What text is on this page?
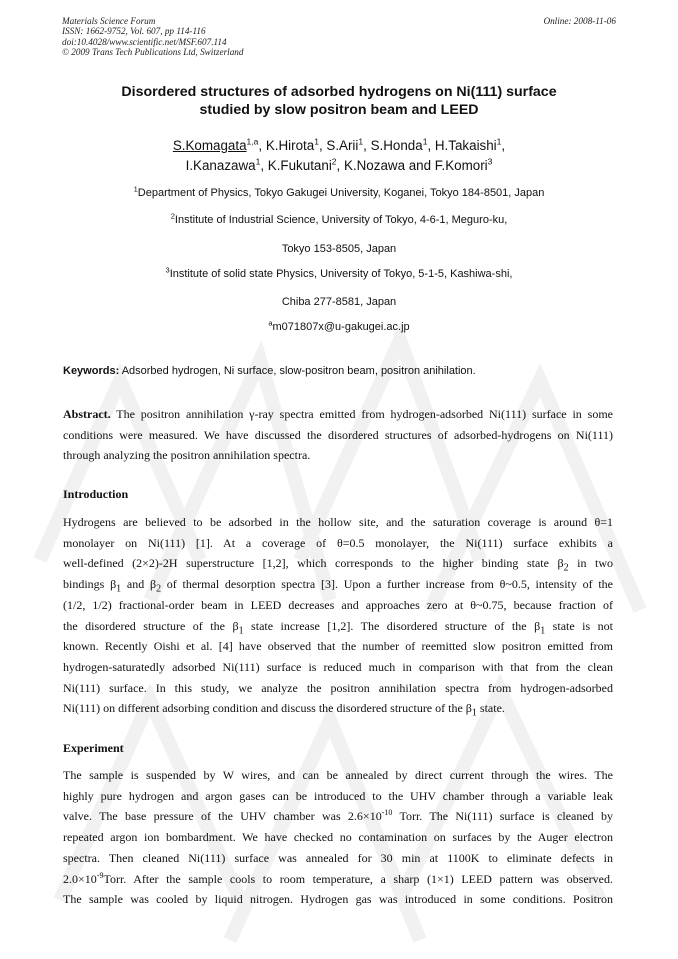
Materials Science Forum
ISSN: 1662-9752, Vol. 607, pp 114-116
doi:10.4028/www.scientific.net/MSF.607.114
© 2009 Trans Tech Publications Ltd, Switzerland
Online: 2008-11-06
Disordered structures of adsorbed hydrogens on Ni(111) surface
studied by slow positron beam and LEED
S.Komagata$^{1,a}$, K.Hirota$^1$, S.Arii$^1$, S.Honda$^1$, H.Takaishi$^1$,
I.Kanazawa$^1$, K.Fukutani$^2$, K.Nozawa and F.Komori$^3$
$^1$Department of Physics, Tokyo Gakugei University, Koganei, Tokyo 184-8501, Japan
$^2$Institute of Industrial Science, University of Tokyo, 4-6-1, Meguro-ku,
Tokyo 153-8505, Japan
$^3$Institute of solid state Physics, University of Tokyo, 5-1-5, Kashiwa-shi,
Chiba 277-8581, Japan
$^a$m071807x@u-gakugei.ac.jp
Keywords: Adsorbed hydrogen, Ni surface, slow-positron beam, positron anihilation.
Abstract. The positron annihilation γ-ray spectra emitted from hydrogen-adsorbed Ni(111) surface in some conditions were measured. We have discussed the disordered structures of adsorbed-hydrogens on Ni(111) through analyzing the positron annihilation spectra.
Introduction
Hydrogens are believed to be adsorbed in the hollow site, and the saturation coverage is around θ=1
monolayer on Ni(111) [1]. At a coverage of θ=0.5 monolayer, the Ni(111) surface exhibits a
well-defined (2×2)-2H superstructure [1,2], which corresponds to the higher binding state $\beta_2$ in two
bindings $\beta_1$ and $\beta_2$ of thermal desorption spectra [3]. Upon a further increase from θ~0.5, intensity of the
(1/2, 1/2) fractional-order beam in LEED decreases and approaches zero at θ~0.75, because fraction of
the disordered structure of the $\beta_1$ state increase [1,2]. The disordered structure of the $\beta_1$ state is not
known. Recently Oishi et al. [4] have observed that the number of reemitted slow positron emitted from
hydrogen-saturatedly adsorbed Ni(111) surface is reduced much in comparison with that from the clean
Ni(111) surface. In this study, we analyze the positron annihilation spectra from hydrogen-adsorbed
Ni(111) on different adsorbing condition and discuss the disordered structure of the $\beta_1$ state.
Experiment
The sample is suspended by W wires, and can be annealed by direct current through the wires. The
highly pure hydrogen and argon gases can be introduced to the UHV chamber through a variable leak
valve. The base pressure of the UHV chamber was $2.6\times 10^{-10}$ Torr. The Ni(111) surface is cleaned by
repeated argon ion bombardment. We have checked no contamination on surfaces by the Auger electron
spectra. Then cleaned Ni(111) surface was annealed for 30 min at 1100K to eliminate defects in
$2.0\times 10^{-9}Torr$. After the sample cools to room temperature, a sharp (1×1) LEED pattern was observed.
The sample was cooled by liquid nitrogen. Hydrogen gas was introduced in some conditions. Positron
